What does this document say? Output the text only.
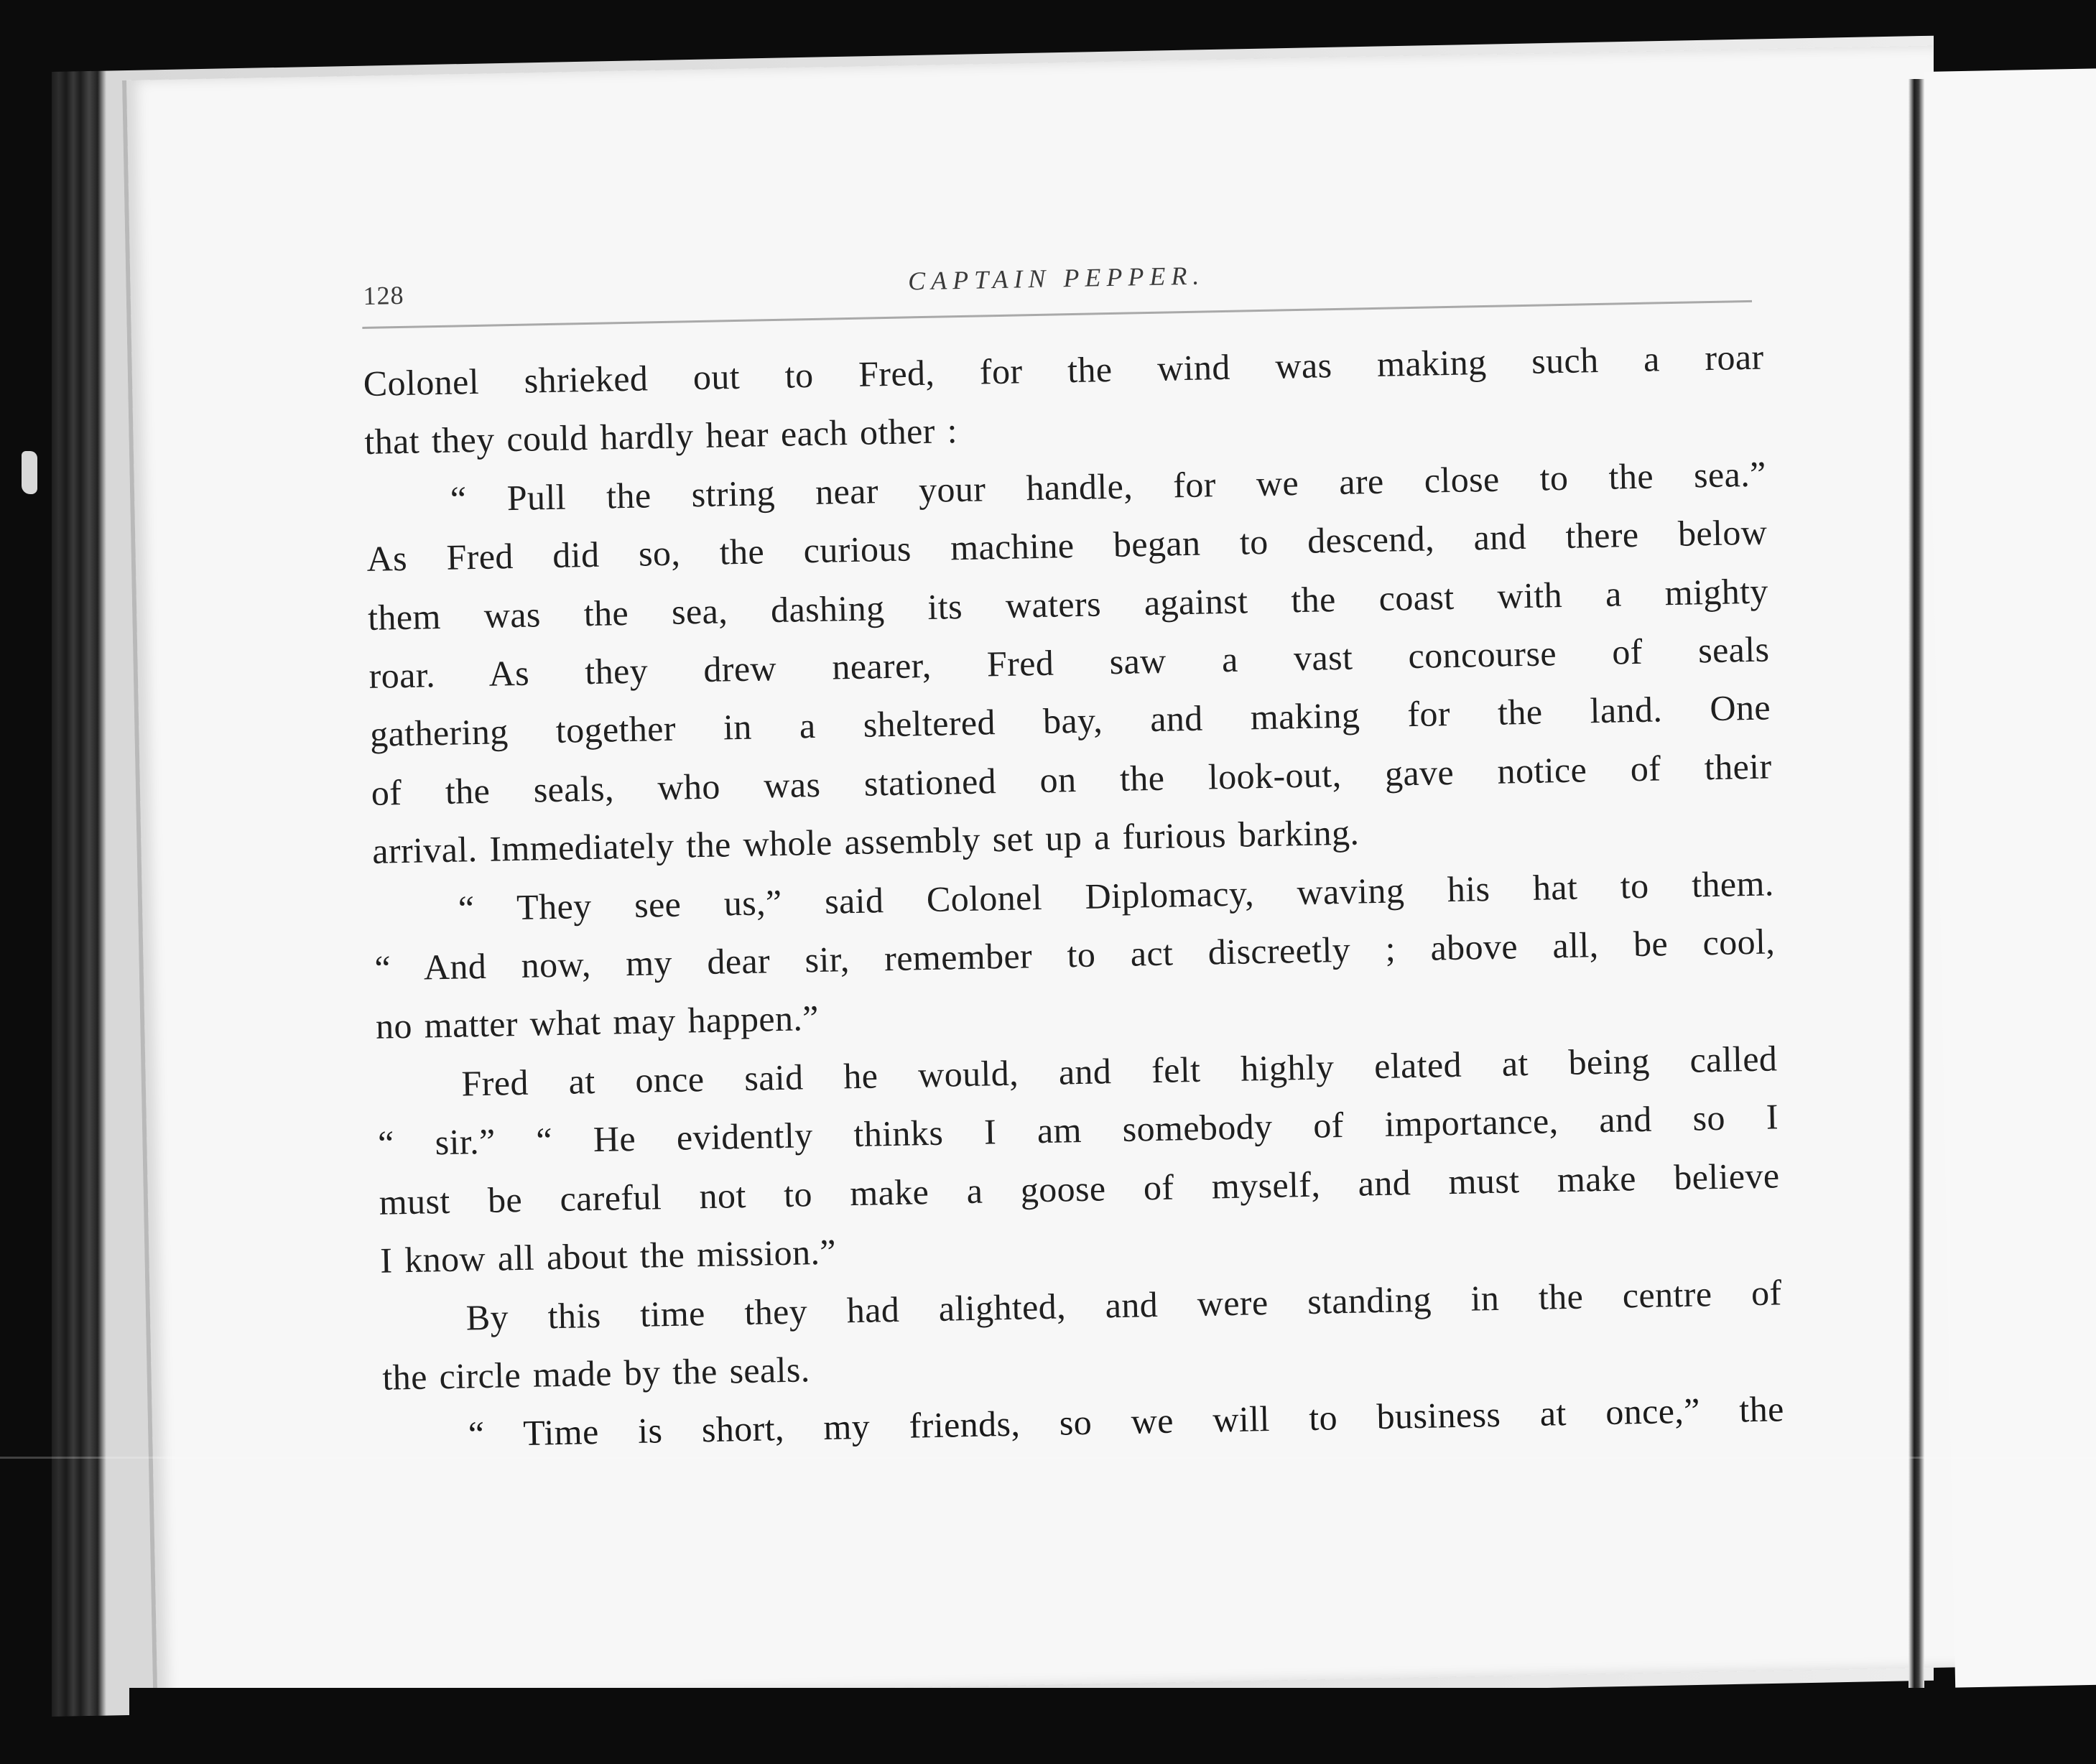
128
CAPTAIN PEPPER.
Colonel shrieked out to Fred, for the wind was making such a roar
that they could hardly hear each other :
“ Pull the string near your handle, for we are close to the sea.”
As Fred did so, the curious machine began to descend, and there below
them was the sea, dashing its waters against the coast with a mighty
roar. As they drew nearer, Fred saw a vast concourse of seals
gathering together in a sheltered bay, and making for the land. One
of the seals, who was stationed on the look-out, gave notice of their
arrival. Immediately the whole assembly set up a furious barking.
“ They see us,” said Colonel Diplomacy, waving his hat to them.
“ And now, my dear sir, remember to act discreetly ; above all, be cool,
no matter what may happen.”
Fred at once said he would, and felt highly elated at being called
“ sir.” “ He evidently thinks I am somebody of importance, and so I
must be careful not to make a goose of myself, and must make believe
I know all about the mission.”
By this time they had alighted, and were standing in the centre of
the circle made by the seals.
“ Time is short, my friends, so we will to business at once,” the
